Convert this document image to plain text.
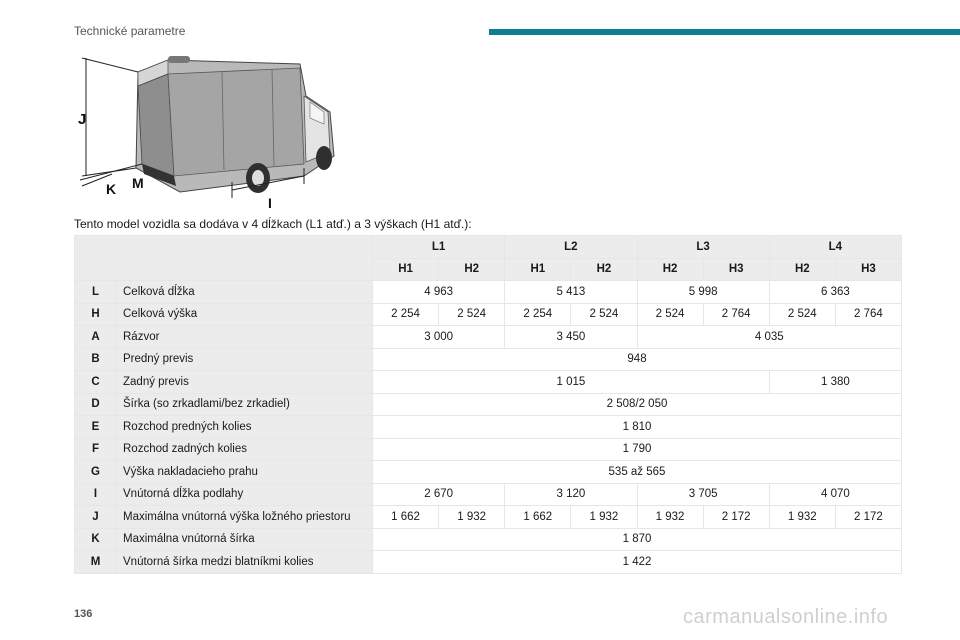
Technické parametre
J
K M
I
Tento model vozidla sa dodáva v 4 dĺžkach (L1 atď.) a 3 výškach (H1 atď.):
		L1		L2		L3		L4	
		H1	H2	H1	H2	H2	H3	H2	H3
L	Celková dĺžka	4 963		5 413		5 998		6 363	
H	Celková výška	2 254	2 524	2 254	2 524	2 524	2 764	2 524	2 764
A	Rázvor	3 000		3 450		4 035			
B	Predný previs	948							
C	Zadný previs	1 015						1 380	
D	Šírka (so zrkadlami/bez zrkadiel)	2 508/2 050							
E	Rozchod predných kolies	1 810							
F	Rozchod zadných kolies	1 790							
G	Výška nakladacieho prahu	535 až 565							
I	Vnútorná dĺžka podlahy	2 670		3 120		3 705		4 070	
J	Maximálna vnútorná výška ložného priestoru	1 662	1 932	1 662	1 932	1 932	2 172	1 932	2 172
K	Maximálna vnútorná šírka	1 870							
M	Vnútorná šírka medzi blatníkmi kolies	1 422							
136	carmanualsonline.info
